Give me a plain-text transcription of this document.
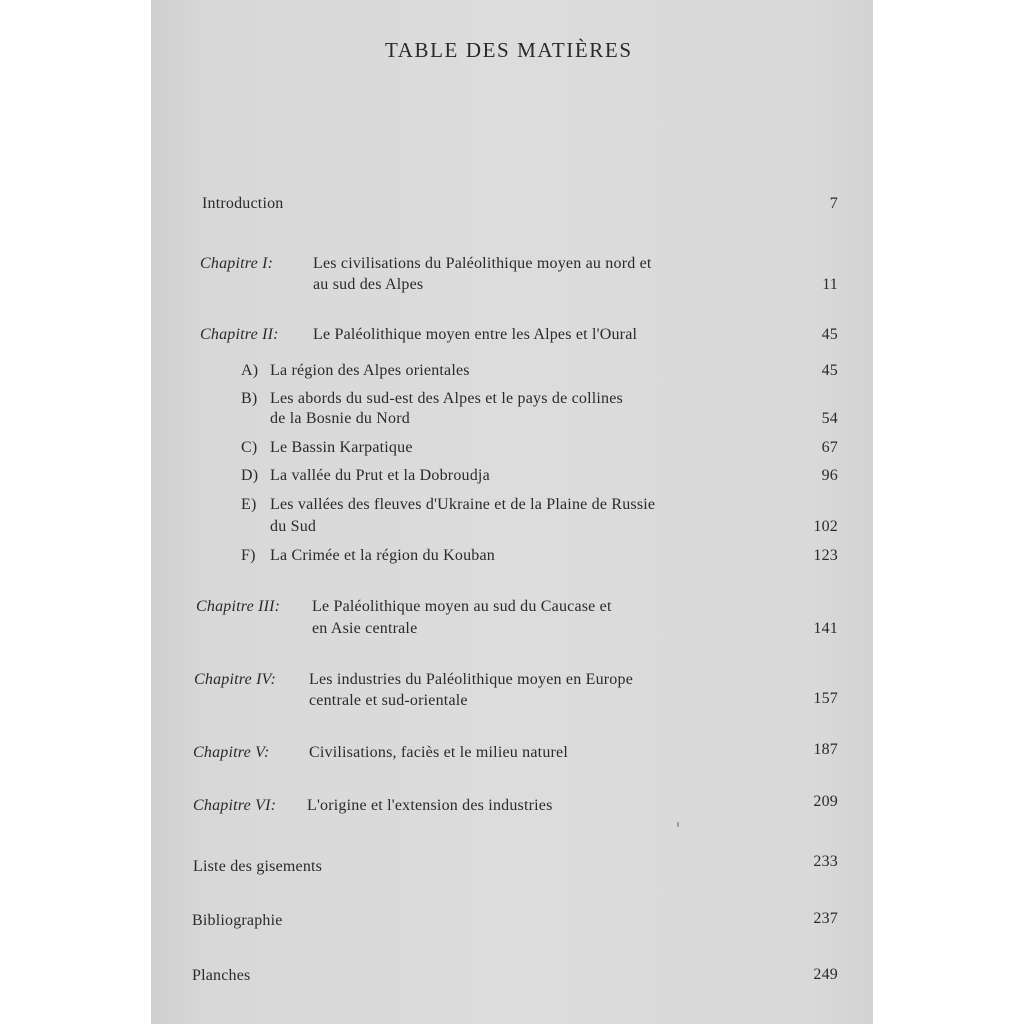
TABLE DES MATIÈRES
Introduction	7
Chapitre I: Les civilisations du Paléolithique moyen au nord et
au sud des Alpes	11
Chapitre II: Le Paléolithique moyen entre les Alpes et l'Oural	45
A) La région des Alpes orientales	45
B) Les abords du sud-est des Alpes et le pays de collines
de la Bosnie du Nord	54
C) Le Bassin Karpatique	67
D) La vallée du Prut et la Dobroudja	96
E) Les vallées des fleuves d'Ukraine et de la Plaine de Russie
du Sud	102
F) La Crimée et la région du Kouban	123
Chapitre III: Le Paléolithique moyen au sud du Caucase et
en Asie centrale	141
Chapitre IV: Les industries du Paléolithique moyen en Europe
centrale et sud-orientale	157
Chapitre V: Civilisations, faciès et le milieu naturel	187
Chapitre VI: L'origine et l'extension des industries	209
Liste des gisements	233
Bibliographie	237
Planches	249
